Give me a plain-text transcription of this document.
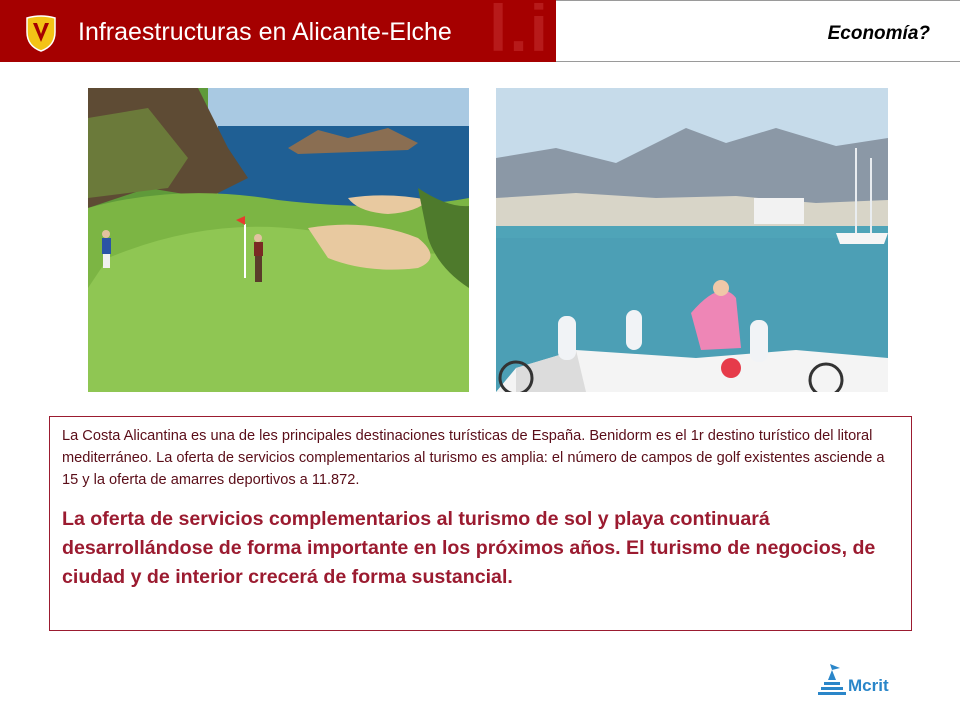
l.i
Infraestructuras en Alicante-Elche	Economía?

La Costa Alicantina es una de les principales destinaciones turísticas de España. Benidorm es el 1r destino turístico del litoral mediterráneo. La oferta de servicios complementarios al turismo es amplia: el número de campos de golf existentes asciende a 15 y la oferta de amarres deportivos a 11.872.

La oferta de servicios complementarios al turismo de sol y playa continuará desarrollándose de forma importante en los próximos años. El turismo de negocios, de ciudad y de interior crecerá de forma sustancial.

Mcrit
